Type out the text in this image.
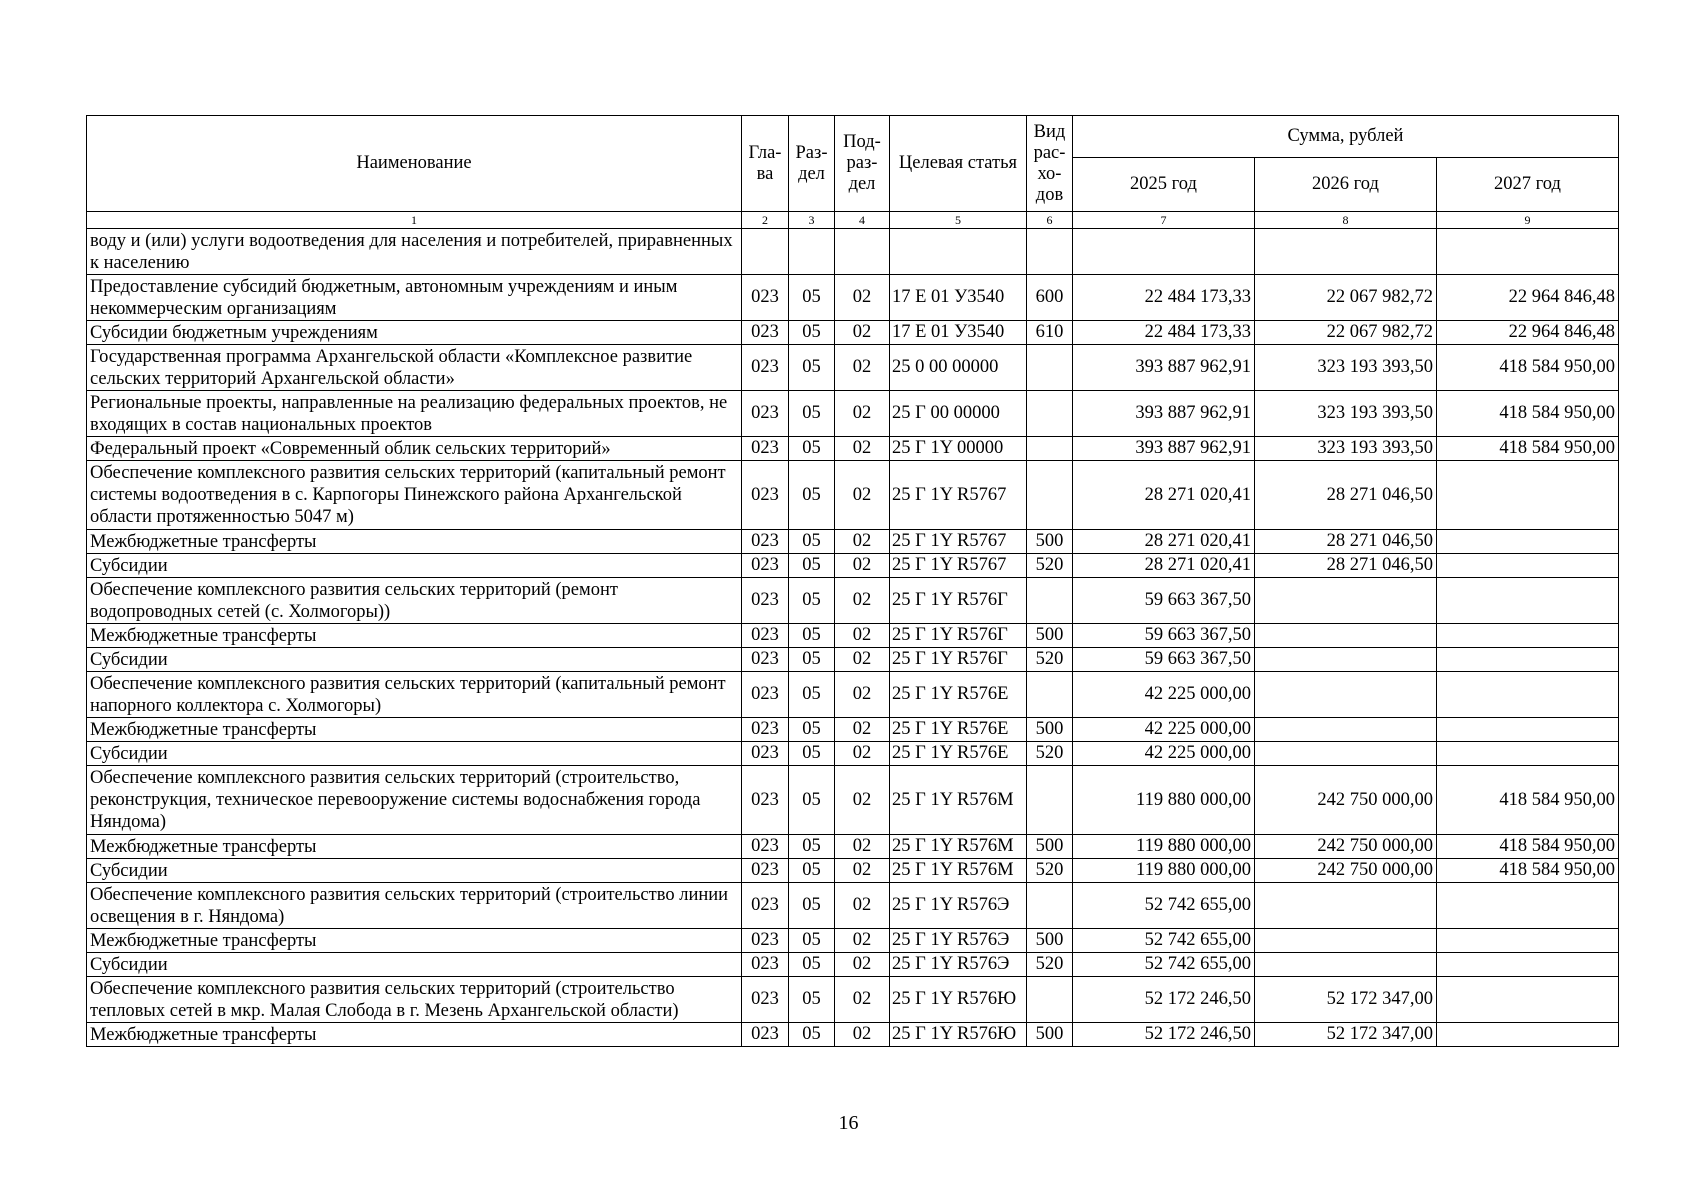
Наименование	Гла-ва	Раз-дел	Под-раз-дел	Целевая статья	Вид рас-хо-дов	Сумма, рублей		
						2025 год	2026 год	2027 год
1	2	3	4	5	6	7	8	9
воду и (или) услуги водоотведения для населения и потребителей, приравненных к населению								
Предоставление субсидий бюджетным, автономным учреждениям и иным некоммерческим организациям	023	05	02	17 Е 01 У3540	600	22 484 173,33	22 067 982,72	22 964 846,48
Субсидии бюджетным учреждениям	023	05	02	17 Е 01 У3540	610	22 484 173,33	22 067 982,72	22 964 846,48
Государственная программа Архангельской области «Комплексное развитие сельских территорий Архангельской области»	023	05	02	25 0 00 00000		393 887 962,91	323 193 393,50	418 584 950,00
Региональные проекты, направленные на реализацию федеральных проектов, не входящих в состав национальных проектов	023	05	02	25 Г 00 00000		393 887 962,91	323 193 393,50	418 584 950,00
Федеральный проект «Современный облик сельских территорий»	023	05	02	25 Г 1Y 00000		393 887 962,91	323 193 393,50	418 584 950,00
Обеспечение комплексного развития сельских территорий (капитальный ремонт системы водоотведения в с. Карпогоры Пинежского района Архангельской области протяженностью 5047 м)	023	05	02	25 Г 1Y R5767		28 271 020,41	28 271 046,50	
Межбюджетные трансферты	023	05	02	25 Г 1Y R5767	500	28 271 020,41	28 271 046,50	
Субсидии	023	05	02	25 Г 1Y R5767	520	28 271 020,41	28 271 046,50	
Обеспечение комплексного развития сельских территорий (ремонт водопроводных сетей (с. Холмогоры))	023	05	02	25 Г 1Y R576Г		59 663 367,50		
Межбюджетные трансферты	023	05	02	25 Г 1Y R576Г	500	59 663 367,50		
Субсидии	023	05	02	25 Г 1Y R576Г	520	59 663 367,50		
Обеспечение комплексного развития сельских территорий (капитальный ремонт напорного коллектора с. Холмогоры)	023	05	02	25 Г 1Y R576Е		42 225 000,00		
Межбюджетные трансферты	023	05	02	25 Г 1Y R576Е	500	42 225 000,00		
Субсидии	023	05	02	25 Г 1Y R576Е	520	42 225 000,00		
Обеспечение комплексного развития сельских территорий (строительство, реконструкция, техническое перевооружение системы водоснабжения города Няндома)	023	05	02	25 Г 1Y R576М		119 880 000,00	242 750 000,00	418 584 950,00
Межбюджетные трансферты	023	05	02	25 Г 1Y R576М	500	119 880 000,00	242 750 000,00	418 584 950,00
Субсидии	023	05	02	25 Г 1Y R576М	520	119 880 000,00	242 750 000,00	418 584 950,00
Обеспечение комплексного развития сельских территорий (строительство линии освещения в г. Няндома)	023	05	02	25 Г 1Y R576Э		52 742 655,00		
Межбюджетные трансферты	023	05	02	25 Г 1Y R576Э	500	52 742 655,00		
Субсидии	023	05	02	25 Г 1Y R576Э	520	52 742 655,00		
Обеспечение комплексного развития сельских территорий (строительство тепловых сетей в мкр. Малая Слобода в г. Мезень Архангельской области)	023	05	02	25 Г 1Y R576Ю		52 172 246,50	52 172 347,00	
Межбюджетные трансферты	023	05	02	25 Г 1Y R576Ю	500	52 172 246,50	52 172 347,00	
16
